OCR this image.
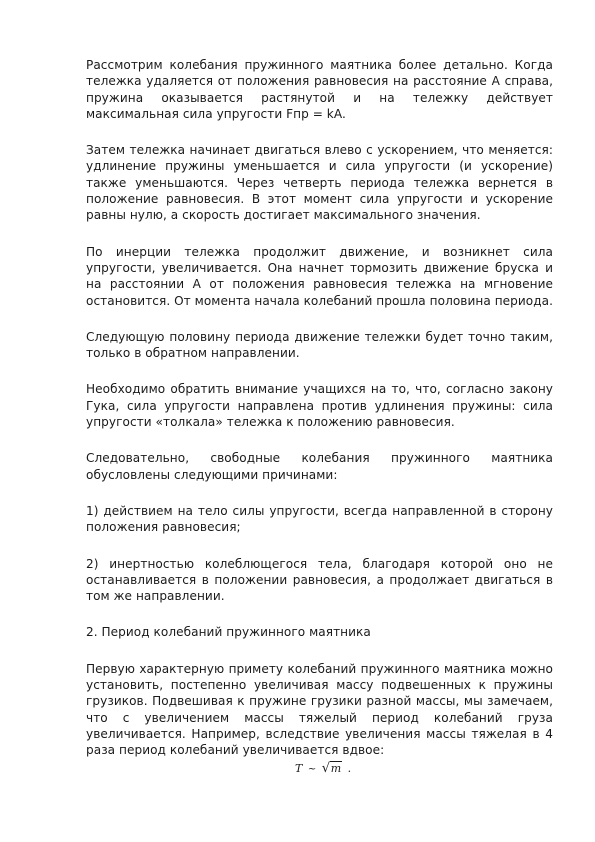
Рассмотрим колебания пружинного маятника более детально. Когда тележка удаляется от положения равновесия на расстояние А справа, пружина оказывается растянутой и на тележку действует максимальная сила упругости Fпр = kA.

Затем тележка начинает двигаться влево с ускорением, что меняется: удлинение пружины уменьшается и сила упругости (и ускорение) также уменьшаются. Через четверть периода тележка вернется в положение равновесия. В этот момент сила упругости и ускорение равны нулю, а скорость достигает максимального значения.

По инерции тележка продолжит движение, и возникнет сила упругости, увеличивается. Она начнет тормозить движение бруска и на расстоянии А от положения равновесия тележка на мгновение остановится. От момента начала колебаний прошла половина периода.

Следующую половину периода движение тележки будет точно таким, только в обратном направлении.

Необходимо обратить внимание учащихся на то, что, согласно закону Гука, сила упругости направлена против удлинения пружины: сила упругости «толкала» тележка к положению равновесия.

Следовательно, свободные колебания пружинного маятника обусловлены следующими причинами:

1) действием на тело силы упругости, всегда направленной в сторону положения равновесия;

2) инертностью колеблющегося тела, благодаря которой оно не останавливается в положении равновесия, а продолжает двигаться в том же направлении.

2. Период колебаний пружинного маятника

Первую характерную примету колебаний пружинного маятника можно установить, постепенно увеличивая массу подвешенных к пружины грузиков. Подвешивая к пружине грузики разной массы, мы замечаем, что с увеличением массы тяжелый период колебаний груза увеличивается. Например, вследствие увеличения массы тяжелая в 4 раза период колебаний увеличивается вдвое:

T ~ √ m .
